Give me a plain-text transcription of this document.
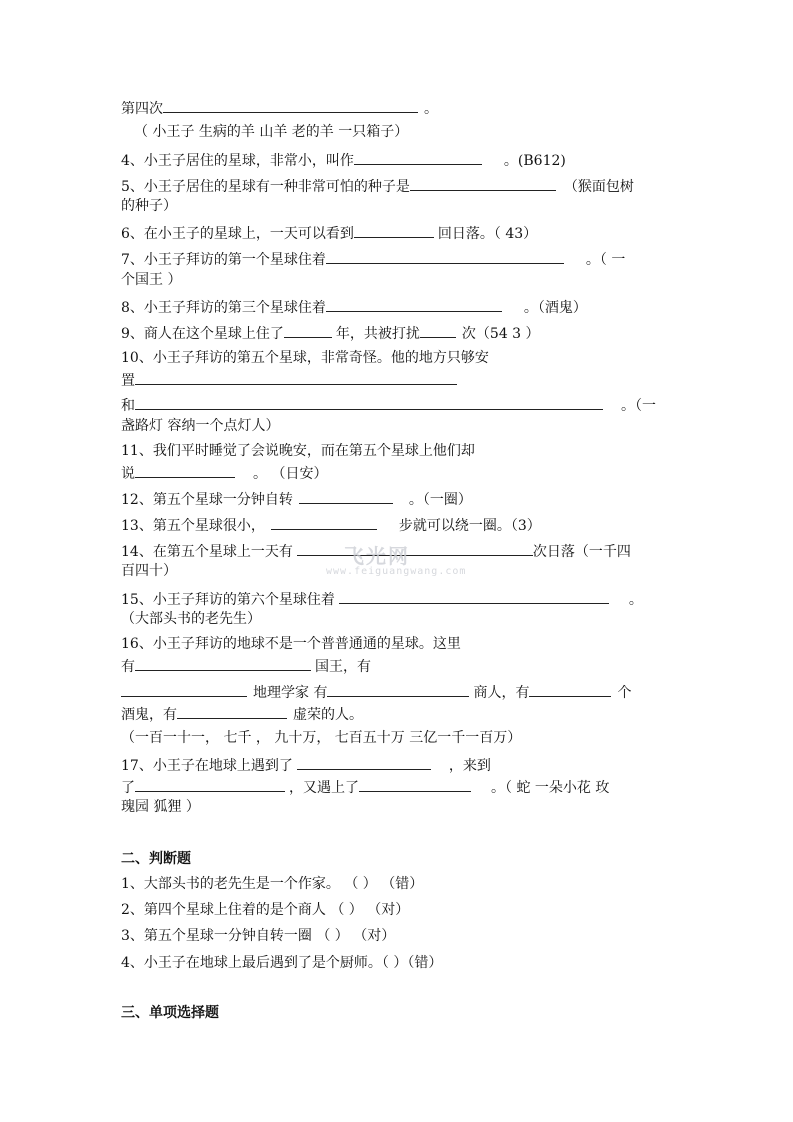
第四次	。
（ 小王子 生病的羊 山羊 老的羊 一只箱子）
4、小王子居住的星球，非常小，叫作	。(B612)
5、小王子居住的星球有一种非常可怕的种子是	（猴面包树
的种子）
6、在小王子的星球上，一天可以看到	回日落。（ 43）
7、小王子拜访的第一个星球住着	。（ 一
个国王 ）
8、小王子拜访的第三个星球住着	。（酒鬼）
9、商人在这个星球上住了	年，共被打扰	次（54 3 ）
10、小王子拜访的第五个星球，非常奇怪。他的地方只够安
置
和	。（一
盏路灯 容纳一个点灯人）
11、我们平时睡觉了会说晚安，而在第五个星球上他们却
说	。 （日安）
12、第五个星球一分钟自转	。（一圈）
13、第五个星球很小，	步就可以绕一圈。（3）
14、在第五个星球上一天有	次日落（一千四
百四十）
15、小王子拜访的第六个星球住着	。
（大部头书的老先生）
16、小王子拜访的地球不是一个普普通通的星球。这里
有	国王，有
地理学家 有	商人，有	个
酒鬼，有	虚荣的人。
（一百一十一， 七千 ， 九十万， 七百五十万 三亿一千一百万）
17、小王子在地球上遇到了	，来到
了	，又遇上了	。（ 蛇 一朵小花 玫
瑰园 狐狸 ）
二、判断题
1、大部头书的老先生是一个作家。 （ ） （错）
2、第四个星球上住着的是个商人 （ ） （对）
3、第五个星球一分钟自转一圈 （ ） （对）
4、小王子在地球上最后遇到了是个厨师。（ ）（错）
三、单项选择题
飞光网
www.feiguangwang.com
